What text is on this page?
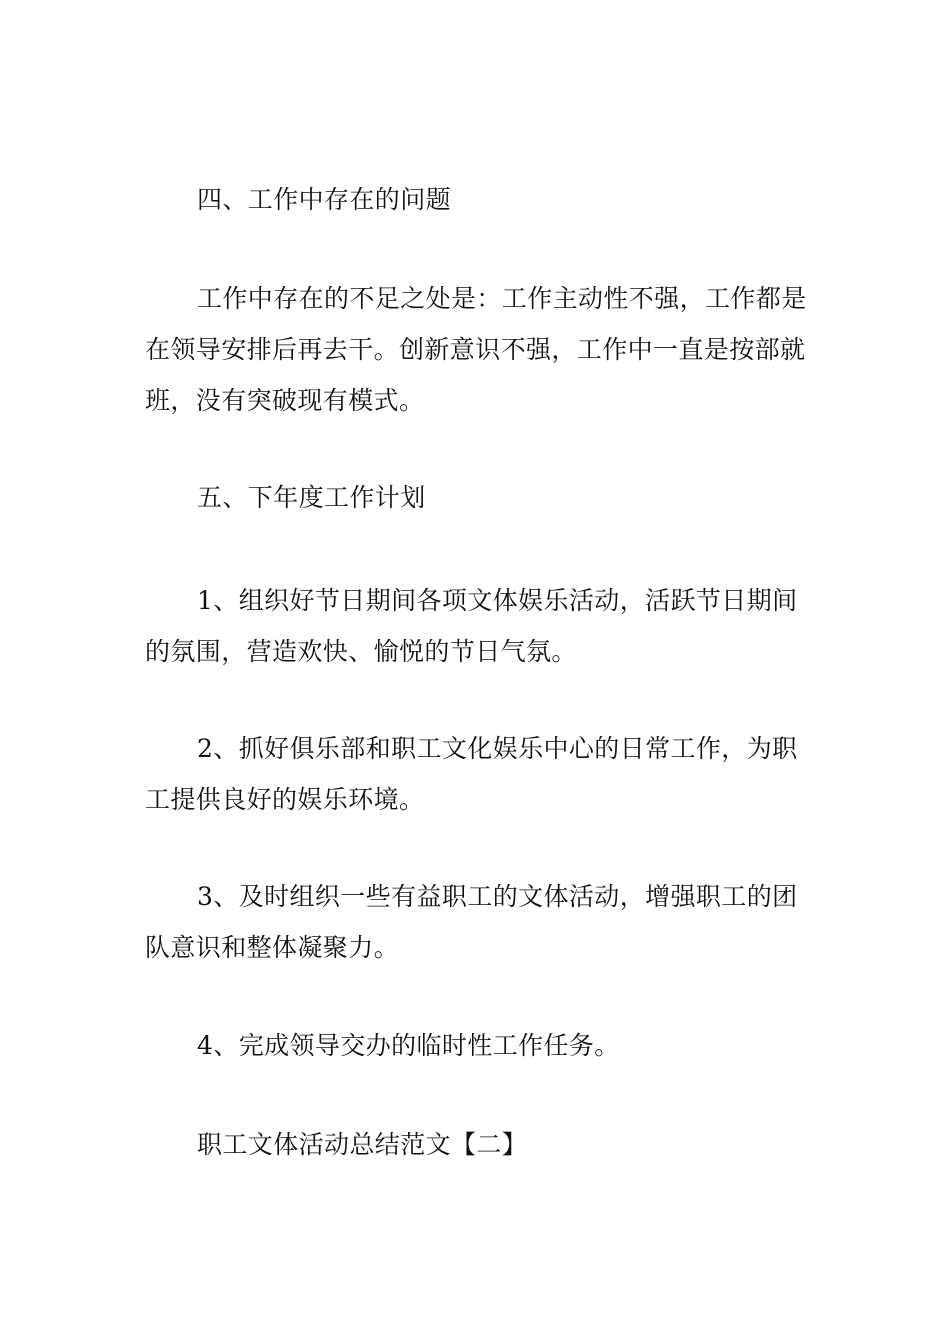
四、工作中存在的问题

工作中存在的不足之处是：工作主动性不强，工作都是在领导安排后再去干。创新意识不强，工作中一直是按部就班，没有突破现有模式。

五、下年度工作计划

1、组织好节日期间各项文体娱乐活动，活跃节日期间的氛围，营造欢快、愉悦的节日气氛。

2、抓好俱乐部和职工文化娱乐中心的日常工作，为职工提供良好的娱乐环境。

3、及时组织一些有益职工的文体活动，增强职工的团队意识和整体凝聚力。

4、完成领导交办的临时性工作任务。

职工文体活动总结范文【二】
